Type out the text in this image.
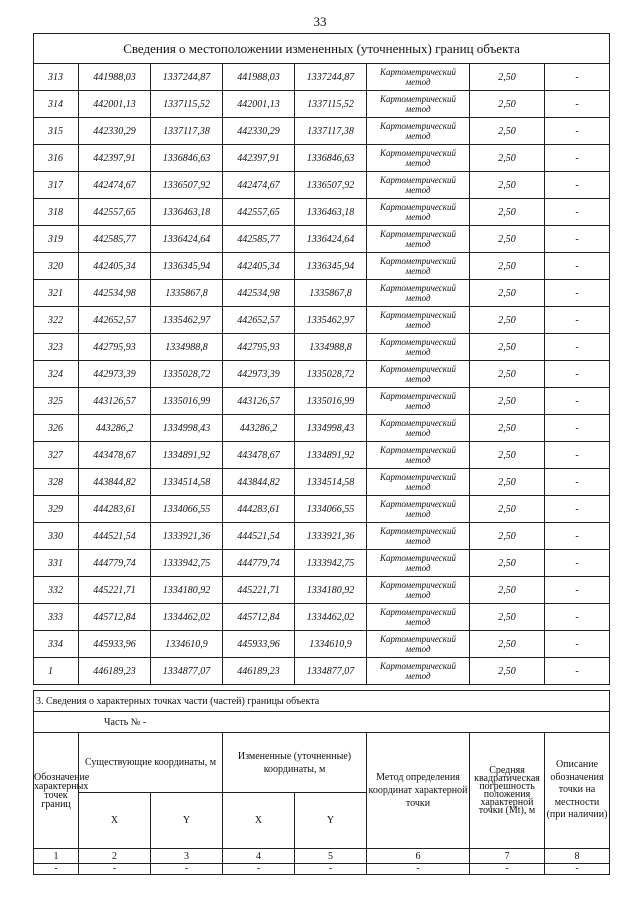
33
Сведения о местоположении измененных (уточненных) границ объекта							
313	441988,03	1337244,87	441988,03	1337244,87	Картометрический метод	2,50	-
314	442001,13	1337115,52	442001,13	1337115,52	Картометрический метод	2,50	-
315	442330,29	1337117,38	442330,29	1337117,38	Картометрический метод	2,50	-
316	442397,91	1336846,63	442397,91	1336846,63	Картометрический метод	2,50	-
317	442474,67	1336507,92	442474,67	1336507,92	Картометрический метод	2,50	-
318	442557,65	1336463,18	442557,65	1336463,18	Картометрический метод	2,50	-
319	442585,77	1336424,64	442585,77	1336424,64	Картометрический метод	2,50	-
320	442405,34	1336345,94	442405,34	1336345,94	Картометрический метод	2,50	-
321	442534,98	1335867,8	442534,98	1335867,8	Картометрический метод	2,50	-
322	442652,57	1335462,97	442652,57	1335462,97	Картометрический метод	2,50	-
323	442795,93	1334988,8	442795,93	1334988,8	Картометрический метод	2,50	-
324	442973,39	1335028,72	442973,39	1335028,72	Картометрический метод	2,50	-
325	443126,57	1335016,99	443126,57	1335016,99	Картометрический метод	2,50	-
326	443286,2	1334998,43	443286,2	1334998,43	Картометрический метод	2,50	-
327	443478,67	1334891,92	443478,67	1334891,92	Картометрический метод	2,50	-
328	443844,82	1334514,58	443844,82	1334514,58	Картометрический метод	2,50	-
329	444283,61	1334066,55	444283,61	1334066,55	Картометрический метод	2,50	-
330	444521,54	1333921,36	444521,54	1333921,36	Картометрический метод	2,50	-
331	444779,74	1333942,75	444779,74	1333942,75	Картометрический метод	2,50	-
332	445221,71	1334180,92	445221,71	1334180,92	Картометрический метод	2,50	-
333	445712,84	1334462,02	445712,84	1334462,02	Картометрический метод	2,50	-
334	445933,96	1334610,9	445933,96	1334610,9	Картометрический метод	2,50	-
1	446189,23	1334877,07	446189,23	1334877,07	Картометрический метод	2,50	-
3. Сведения о характерных точках части (частей) границы объекта							
Часть № -							
Обозначение характерных точек границ	Существующие координаты, м		Измененные (уточненные) координаты, м		Метод определения координат характерной точки	Средняя квадратическая погрешность положения характерной точки (Mt), м	Описание обозначения точки на местности (при наличии)
	X	Y	X	Y			
1	2	3	4	5	6	7	8
-	-	-	-	-	-	-	-
